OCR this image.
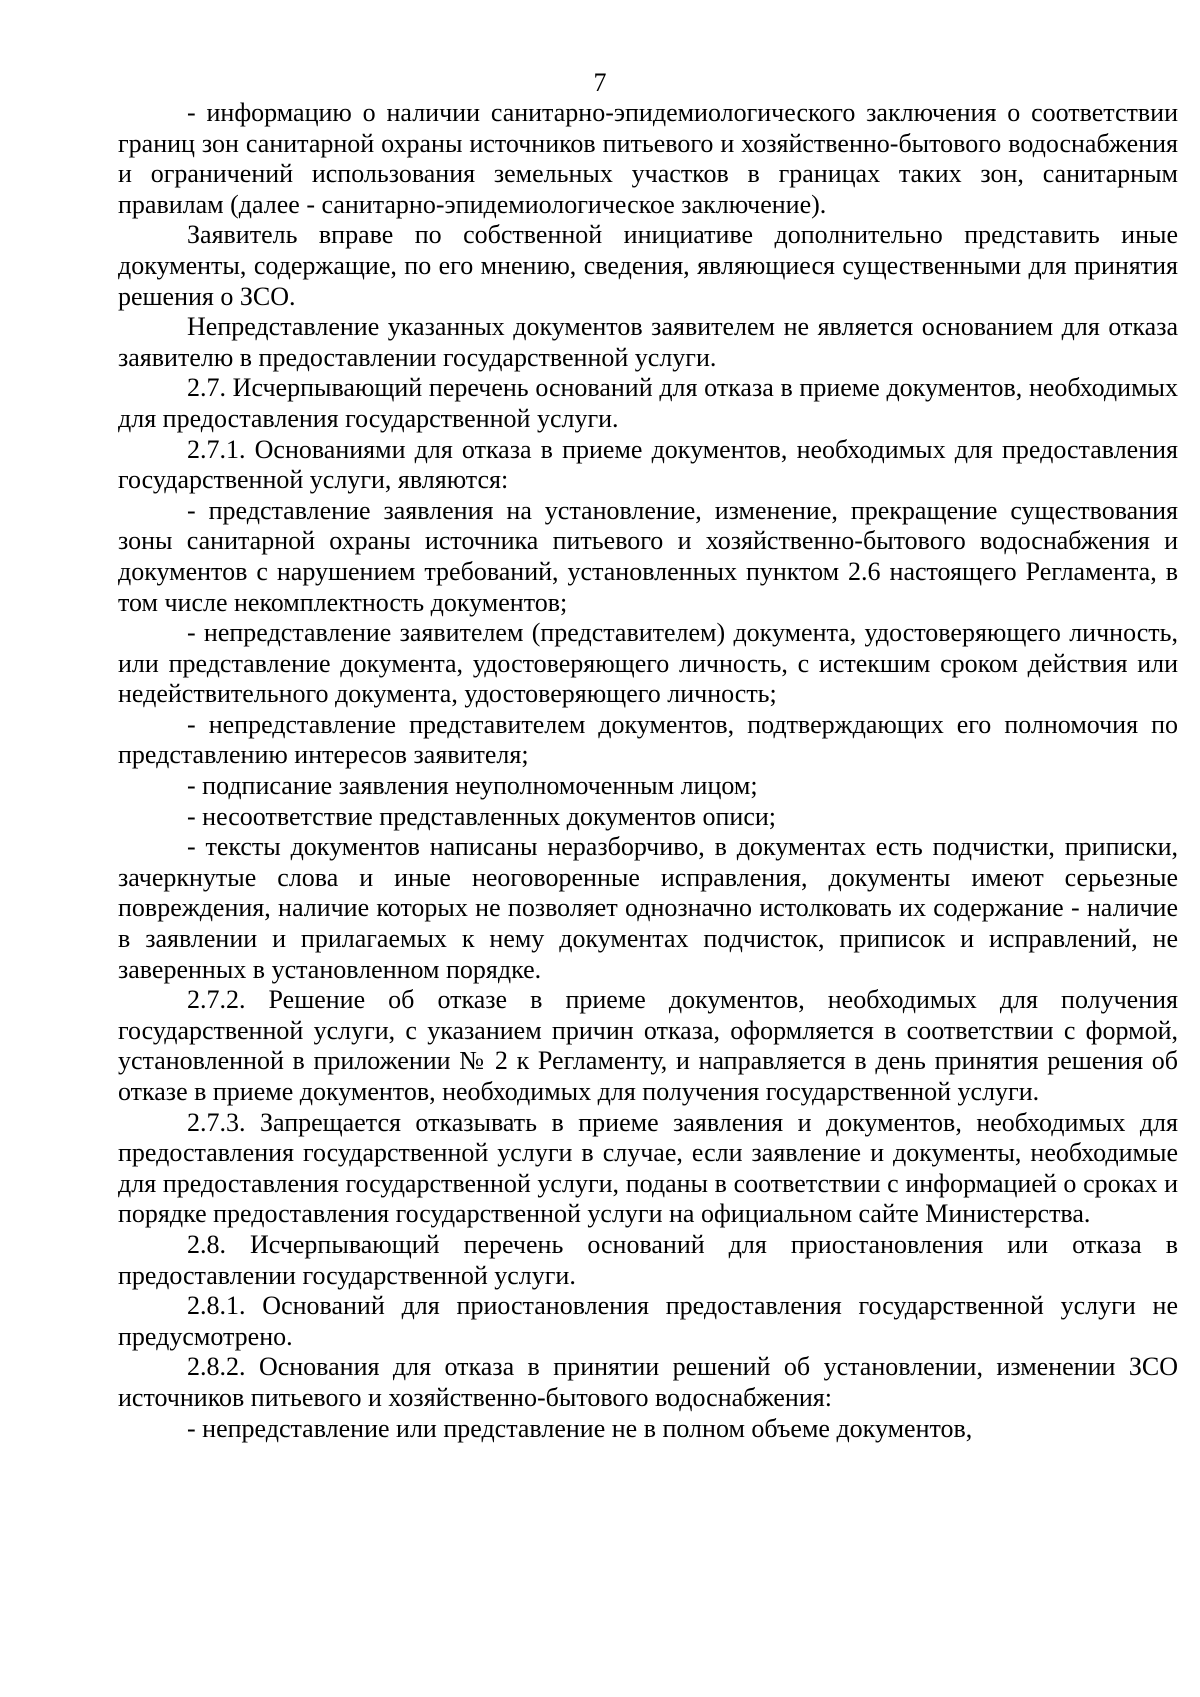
7

- информацию о наличии санитарно-эпидемиологического заключения о соответствии границ зон санитарной охраны источников питьевого и хозяйственно-бытового водоснабжения и ограничений использования земельных участков в границах таких зон, санитарным правилам (далее - санитарно-эпидемиологическое заключение).

Заявитель вправе по собственной инициативе дополнительно представить иные документы, содержащие, по его мнению, сведения, являющиеся существенными для принятия решения о ЗСО.

Непредставление указанных документов заявителем не является основанием для отказа заявителю в предоставлении государственной услуги.

2.7. Исчерпывающий перечень оснований для отказа в приеме документов, необходимых для предоставления государственной услуги.

2.7.1. Основаниями для отказа в приеме документов, необходимых для предоставления государственной услуги, являются:

- представление заявления на установление, изменение, прекращение существования зоны санитарной охраны источника питьевого и хозяйственно-бытового водоснабжения и документов с нарушением требований, установленных пунктом 2.6 настоящего Регламента, в том числе некомплектность документов;

- непредставление заявителем (представителем) документа, удостоверяющего личность, или представление документа, удостоверяющего личность, с истекшим сроком действия или недействительного документа, удостоверяющего личность;

- непредставление представителем документов, подтверждающих его полномочия по представлению интересов заявителя;

- подписание заявления неуполномоченным лицом;

- несоответствие представленных документов описи;

- тексты документов написаны неразборчиво, в документах есть подчистки, приписки, зачеркнутые слова и иные неоговоренные исправления, документы имеют серьезные повреждения, наличие которых не позволяет однозначно истолковать их содержание - наличие в заявлении и прилагаемых к нему документах подчисток, приписок и исправлений, не заверенных в установленном порядке.

2.7.2. Решение об отказе в приеме документов, необходимых для получения государственной услуги, с указанием причин отказа, оформляется в соответствии с формой, установленной в приложении № 2 к Регламенту, и направляется в день принятия решения об отказе в приеме документов, необходимых для получения государственной услуги.

2.7.3. Запрещается отказывать в приеме заявления и документов, необходимых для предоставления государственной услуги в случае, если заявление и документы, необходимые для предоставления государственной услуги, поданы в соответствии с информацией о сроках и порядке предоставления государственной услуги на официальном сайте Министерства.

2.8. Исчерпывающий перечень оснований для приостановления или отказа в предоставлении государственной услуги.

2.8.1. Оснований для приостановления предоставления государственной услуги не предусмотрено.

2.8.2. Основания для отказа в принятии решений об установлении, изменении ЗСО источников питьевого и хозяйственно-бытового водоснабжения:

- непредставление или представление не в полном объеме документов,
